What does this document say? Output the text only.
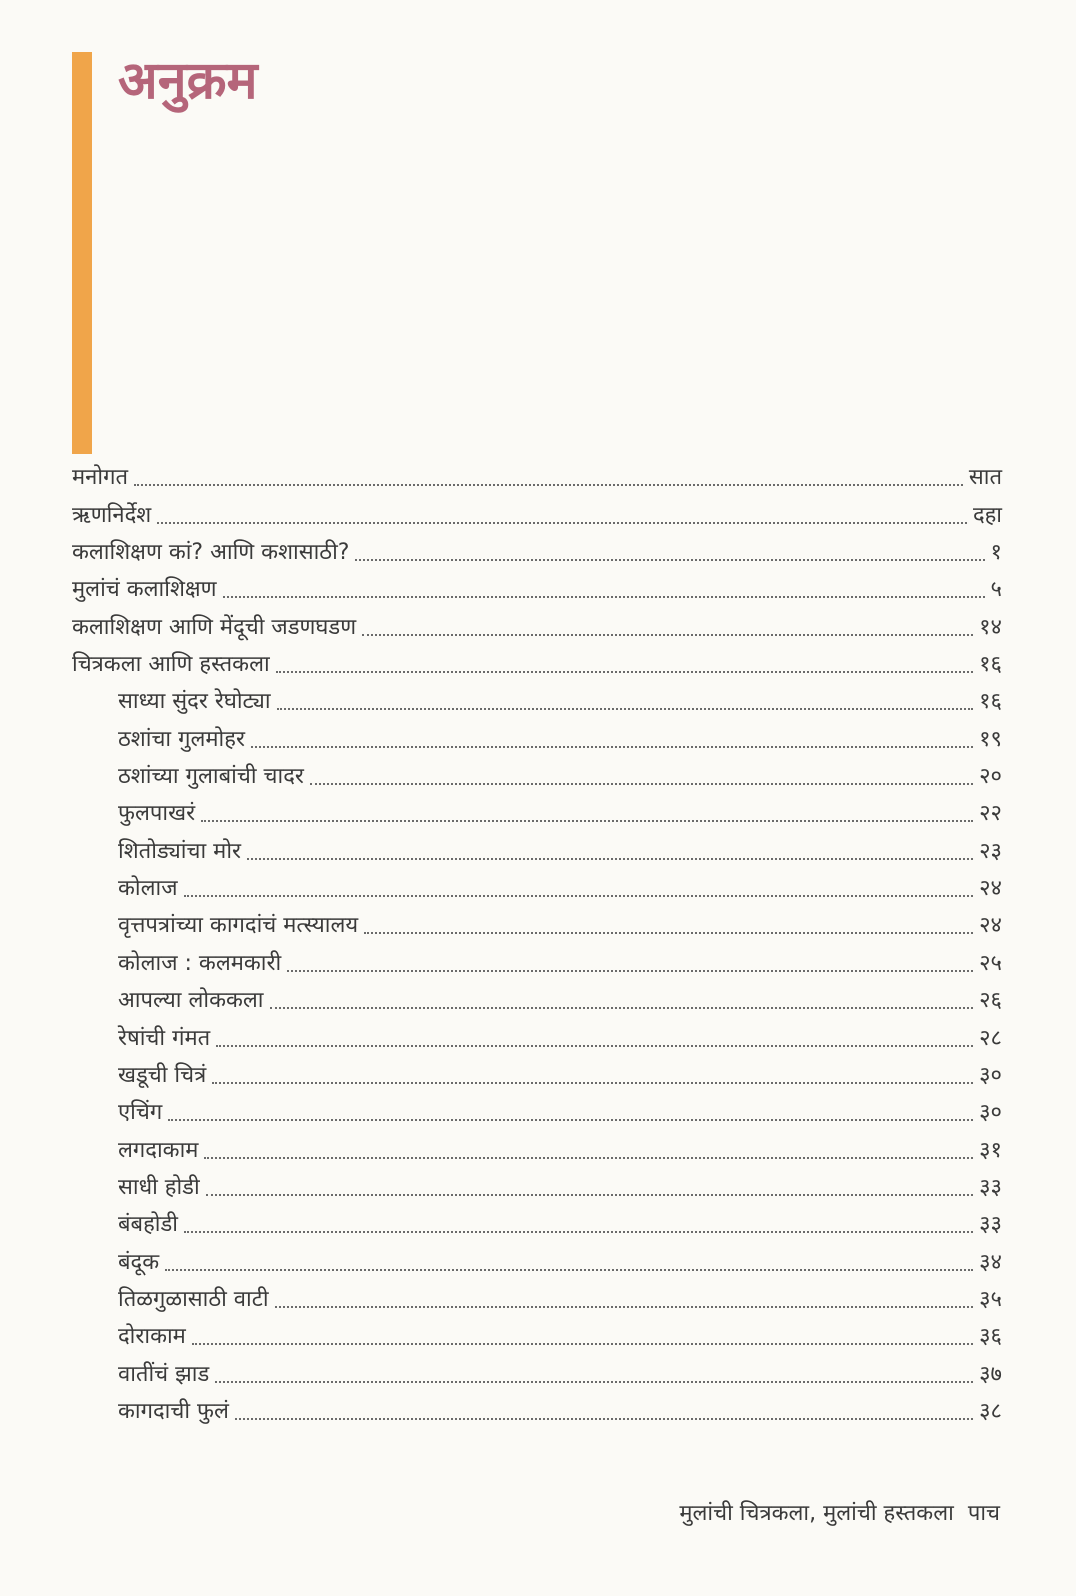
अनुक्रम
मनोगत	सात
ऋणनिर्देश	दहा
कलाशिक्षण कां? आणि कशासाठी?	१
मुलांचं कलाशिक्षण	५
कलाशिक्षण आणि मेंदूची जडणघडण	१४
चित्रकला आणि हस्तकला	१६
साध्या सुंदर रेघोट्या	१६
ठशांचा गुलमोहर	१९
ठशांच्या गुलाबांची चादर	२०
फुलपाखरं	२२
शितोड्यांचा मोर	२३
कोलाज	२४
वृत्तपत्रांच्या कागदांचं मत्स्यालय	२४
कोलाज : कलमकारी	२५
आपल्या लोककला	२६
रेषांची गंमत	२८
खडूची चित्रं	३०
एचिंग	३०
लगदाकाम	३१
साधी होडी	३३
बंबहोडी	३३
बंदूक	३४
तिळगुळासाठी वाटी	३५
दोराकाम	३६
वातींचं झाड	३७
कागदाची फुलं	३८
मुलांची चित्रकला, मुलांची हस्तकला पाच
